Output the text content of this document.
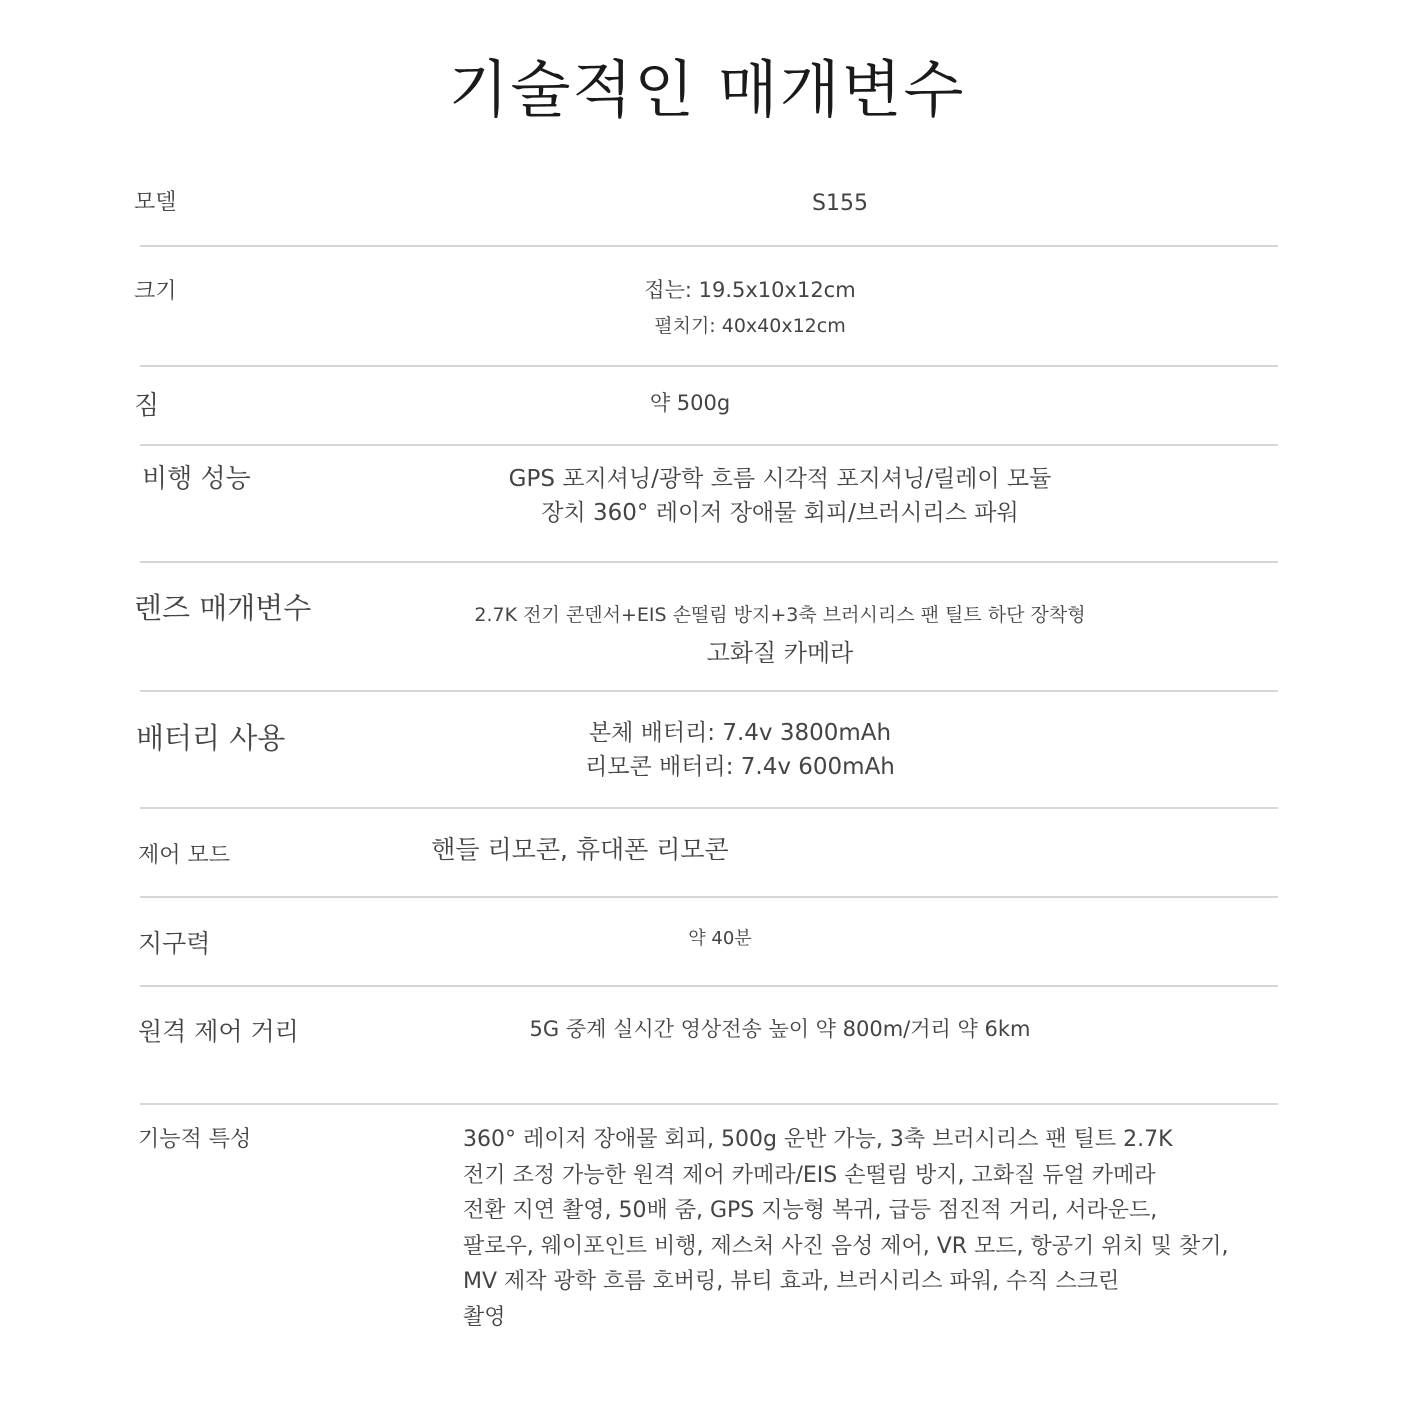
기술적인 매개변수
모델	S155
크기	접는: 19.5x10x12cm
펼치기: 40x40x12cm
짐	약 500g
비행 성능	GPS 포지셔닝/광학 흐름 시각적 포지셔닝/릴레이 모듈
장치 360° 레이저 장애물 회피/브러시리스 파워
렌즈 매개변수	2.7K 전기 콘덴서+EIS 손떨림 방지+3축 브러시리스 팬 틸트 하단 장착형
고화질 카메라
배터리 사용	본체 배터리: 7.4v 3800mAh
리모콘 배터리: 7.4v 600mAh
제어 모드	핸들 리모콘, 휴대폰 리모콘
지구력	약 40분
원격 제어 거리	5G 중계 실시간 영상전송 높이 약 800m/거리 약 6km
기능적 특성	360° 레이저 장애물 회피, 500g 운반 가능, 3축 브러시리스 팬 틸트 2.7K
전기 조정 가능한 원격 제어 카메라/EIS 손떨림 방지, 고화질 듀얼 카메라
전환 지연 촬영, 50배 줌, GPS 지능형 복귀, 급등 점진적 거리, 서라운드,
팔로우, 웨이포인트 비행, 제스처 사진 음성 제어, VR 모드, 항공기 위치 및 찾기,
MV 제작 광학 흐름 호버링, 뷰티 효과, 브러시리스 파워, 수직 스크린
촬영
